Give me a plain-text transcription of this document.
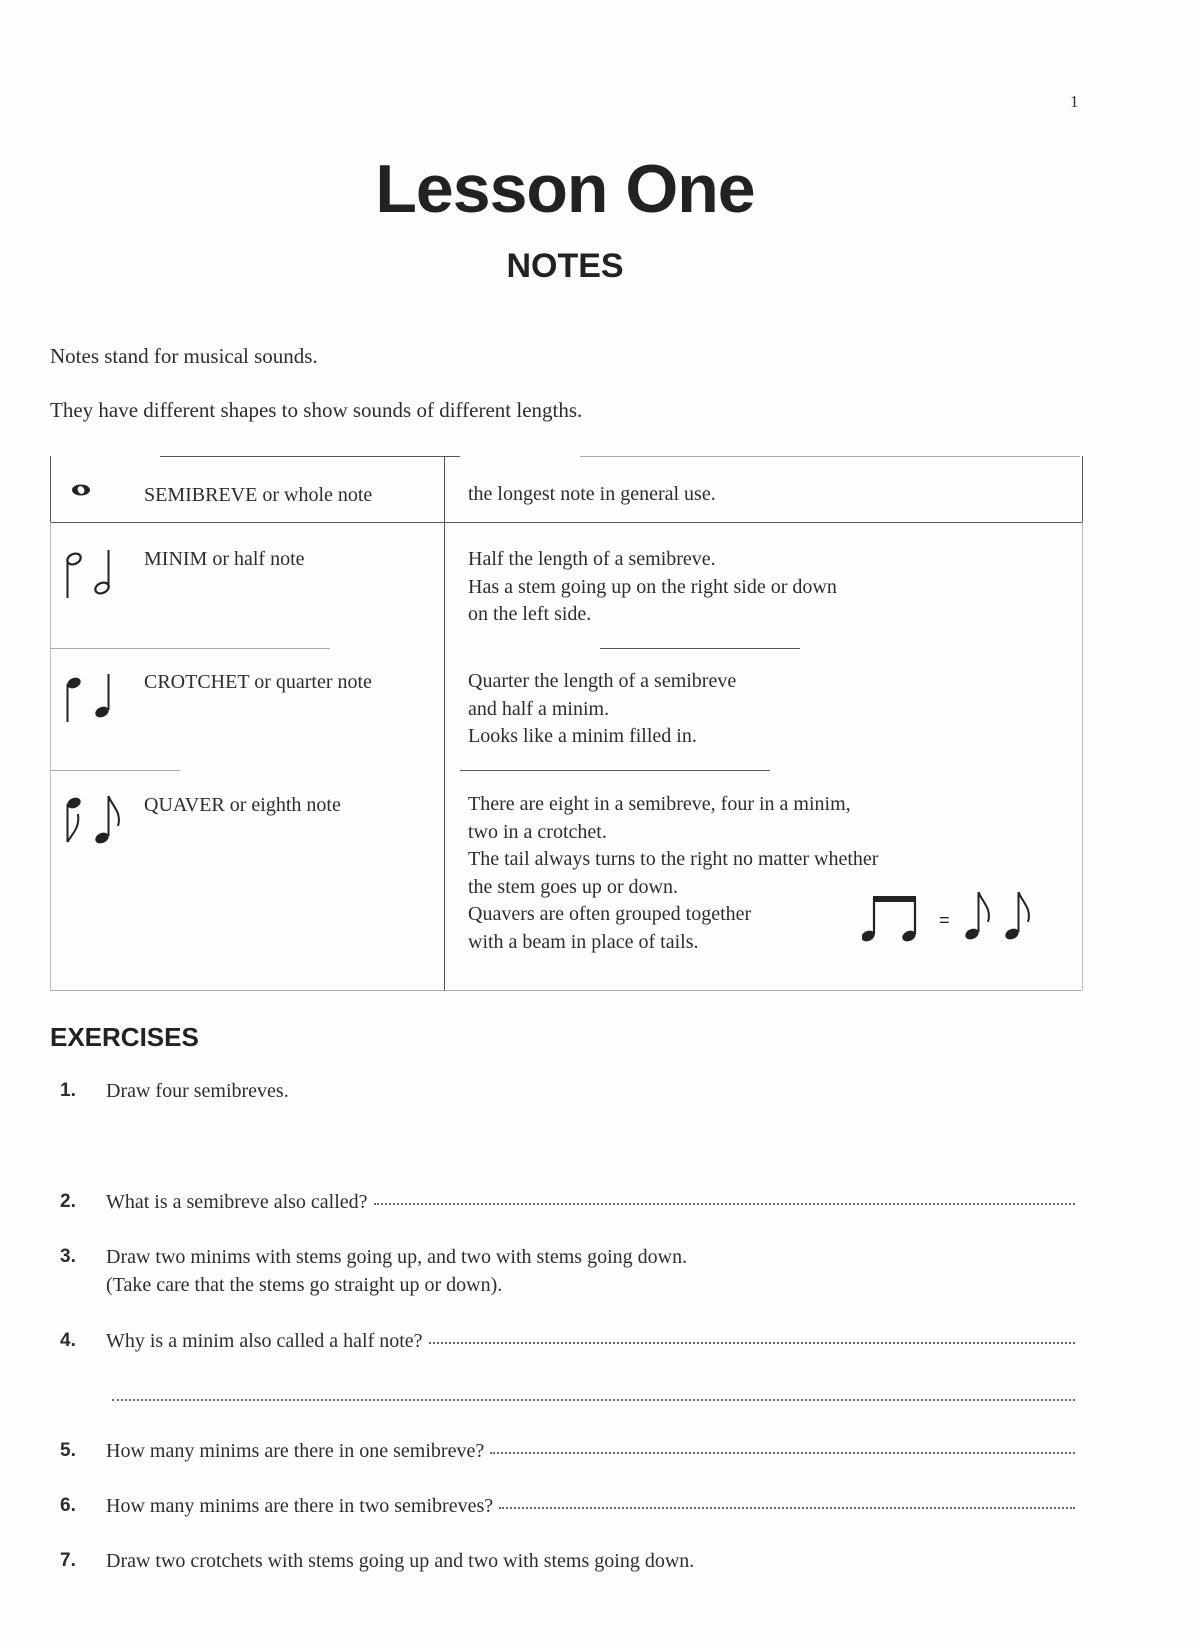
1
Lesson One
NOTES
Notes stand for musical sounds.
They have different shapes to show sounds of different lengths.
SEMIBREVE or whole note	the longest note in general use.
MINIM or half note	Half the length of a semibreve.
Has a stem going up on the right side or down
on the left side.
CROTCHET or quarter note	Quarter the length of a semibreve
and half a minim.
Looks like a minim filled in.
QUAVER or eighth note	There are eight in a semibreve, four in a minim,
two in a crotchet.
The tail always turns to the right no matter whether
the stem goes up or down.
Quavers are often grouped together
with a beam in place of tails.
=
EXERCISES
1. Draw four semibreves.
2. What is a semibreve also called?
3. Draw two minims with stems going up, and two with stems going down.
(Take care that the stems go straight up or down).
4. Why is a minim also called a half note?
5. How many minims are there in one semibreve?
6. How many minims are there in two semibreves?
7. Draw two crotchets with stems going up and two with stems going down.
